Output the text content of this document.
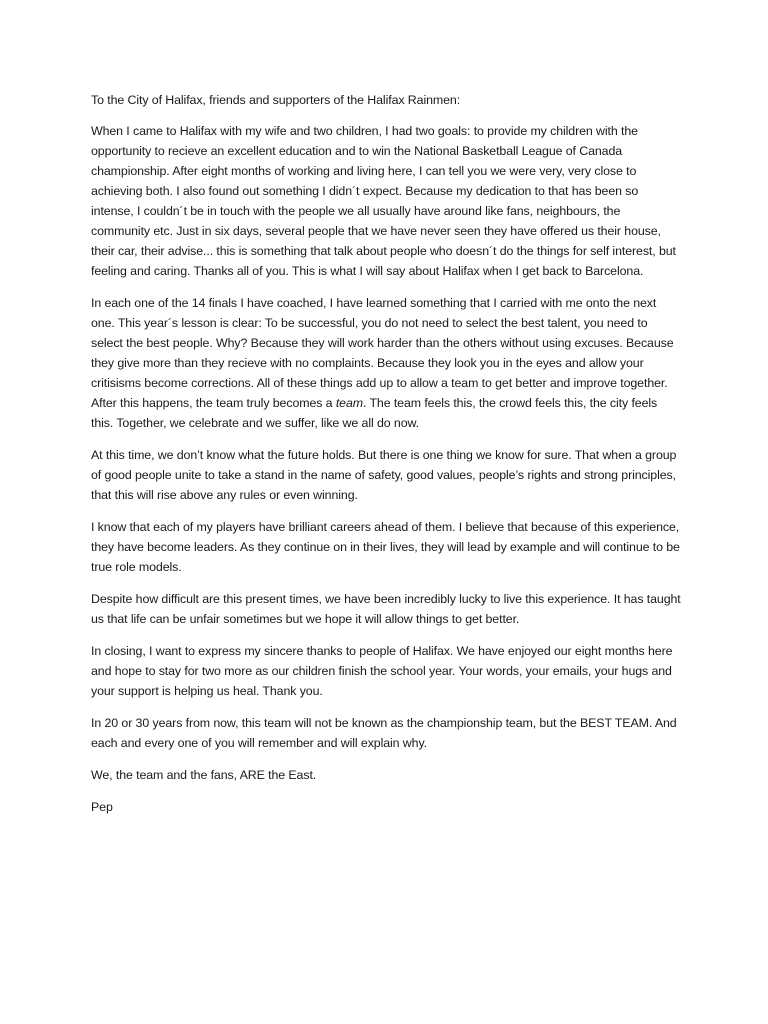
To the City of Halifax, friends and supporters of the Halifax Rainmen:

When I came to Halifax with my wife and two children, I had two goals: to provide my children with the opportunity to recieve an excellent education and to win the National Basketball League of Canada championship. After eight months of working and living here, I can tell you we were very, very close to achieving both. I also found out something I didn´t expect. Because my dedication to that has been so intense, I couldn´t be in touch with the people we all usually have around like fans, neighbours, the community etc. Just in six days, several people that we have never seen they have offered us their house, their car, their advise... this is something that talk about people who doesn´t do the things for self interest, but feeling and caring. Thanks all of you. This is what I will say about Halifax when I get back to Barcelona.

In each one of the 14 finals I have coached, I have learned something that I carried with me onto the next one. This year´s lesson is clear: To be successful, you do not need to select the best talent, you need to select the best people. Why? Because they will work harder than the others without using excuses. Because they give more than they recieve with no complaints. Because they look you in the eyes and allow your critisisms become corrections. All of these things add up to allow a team to get better and improve together. After this happens, the team truly becomes a team. The team feels this, the crowd feels this, the city feels this. Together, we celebrate and we suffer, like we all do now.

At this time, we don’t know what the future holds. But there is one thing we know for sure. That when a group of good people unite to take a stand in the name of safety, good values, people’s rights and strong principles, that this will rise above any rules or even winning.

I know that each of my players have brilliant careers ahead of them. I believe that because of this experience, they have become leaders. As they continue on in their lives, they will lead by example and will continue to be true role models.

Despite how difficult are this present times, we have been incredibly lucky to live this experience. It has taught us that life can be unfair sometimes but we hope it will allow things to get better.

In closing, I want to express my sincere thanks to people of Halifax. We have enjoyed our eight months here and hope to stay for two more as our children finish the school year. Your words, your emails, your hugs and your support is helping us heal. Thank you.

In 20 or 30 years from now, this team will not be known as the championship team, but the BEST TEAM. And each and every one of you will remember and will explain why.

We, the team and the fans, ARE the East.

Pep
